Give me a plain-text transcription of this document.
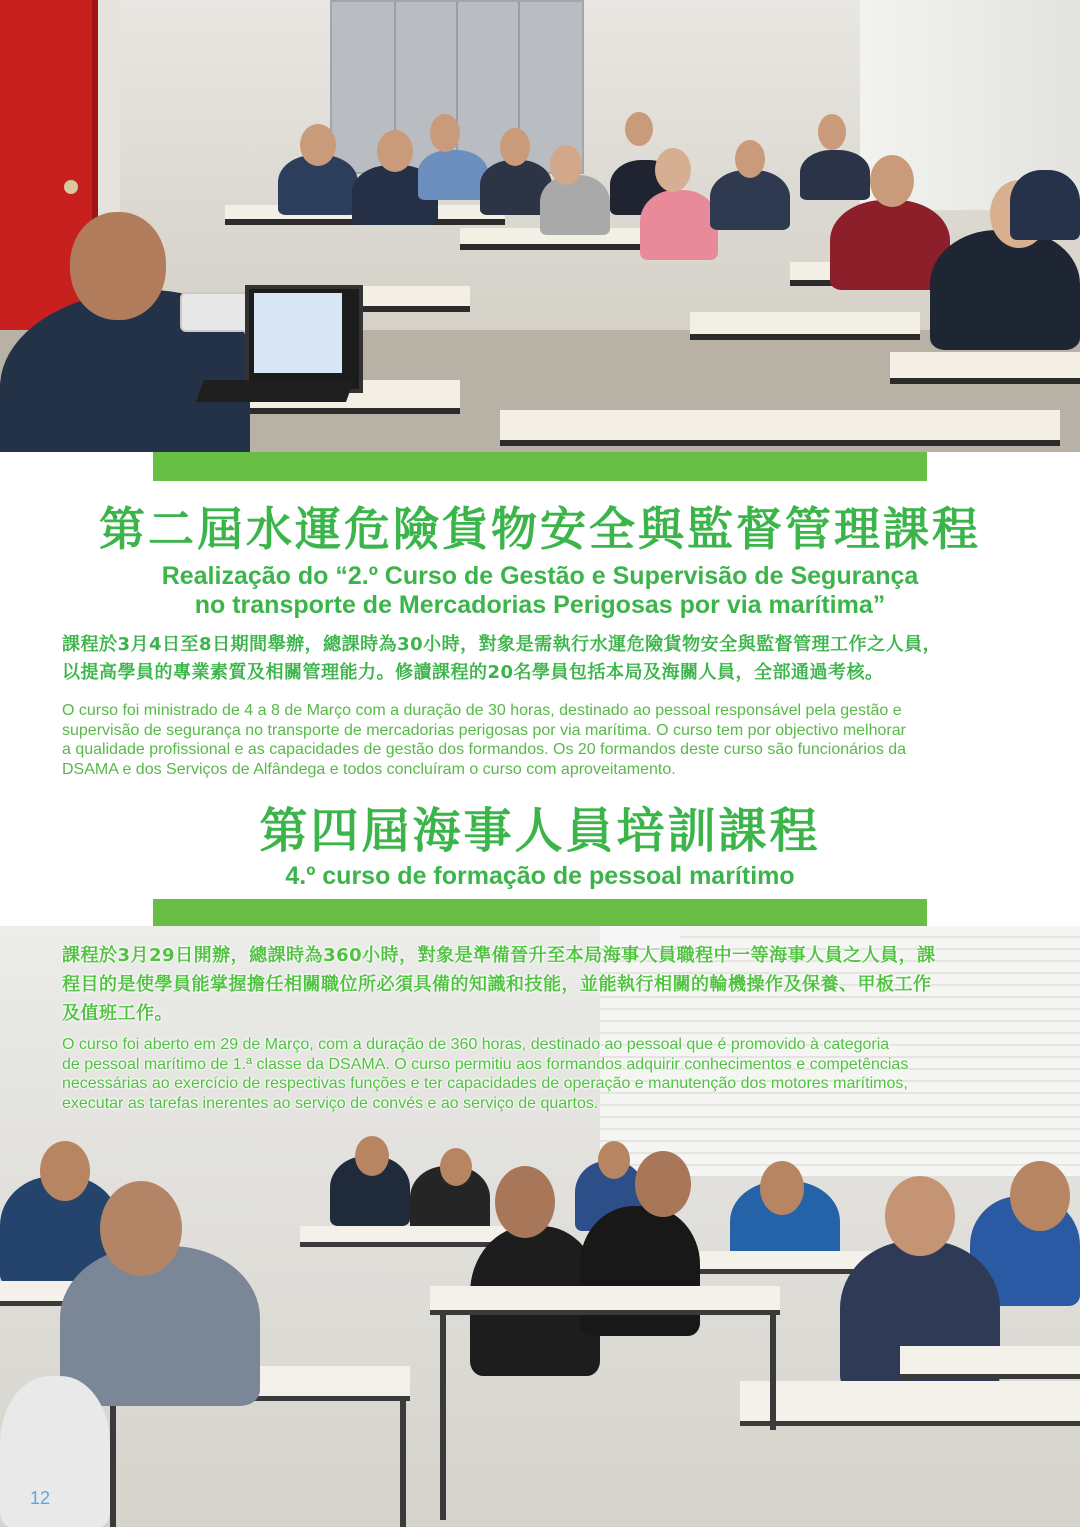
第二屆水運危險貨物安全與監督管理課程
Realização do “2.º Curso de Gestão e Supervisão de Segurança
no transporte de Mercadorias Perigosas por via marítima”
課程於3月4日至8日期間舉辦，總課時為30小時，對象是需執行水運危險貨物安全與監督管理工作之人員，
以提高學員的專業素質及相關管理能力。修讀課程的20名學員包括本局及海關人員，全部通過考核。
O curso foi ministrado de 4 a 8 de Março com a duração de 30 horas, destinado ao pessoal responsável pela gestão e
supervisão de segurança no transporte de mercadorias perigosas por via marítima. O curso tem por objectivo melhorar
a qualidade profissional e as capacidades de gestão dos formandos. Os 20 formandos deste curso são funcionários da
DSAMA e dos Serviços de Alfândega e todos concluíram o curso com aproveitamento.
第四屆海事人員培訓課程
4.º curso de formação de pessoal marítimo
課程於3月29日開辦，總課時為360小時，對象是準備晉升至本局海事人員職程中一等海事人員之人員，課
程目的是使學員能掌握擔任相關職位所必須具備的知識和技能，並能執行相關的輪機操作及保養、甲板工作
及值班工作。
O curso foi aberto em 29 de Março, com a duração de 360 horas, destinado ao pessoal que é promovido à categoria
de pessoal marítimo de 1.ª classe da DSAMA. O curso permitiu aos formandos adquirir conhecimentos e competências
necessárias ao exercício de respectivas funções e ter capacidades de operação e manutenção dos motores marítimos,
executar as tarefas inerentes ao serviço de convés e ao serviço de quartos.

12
